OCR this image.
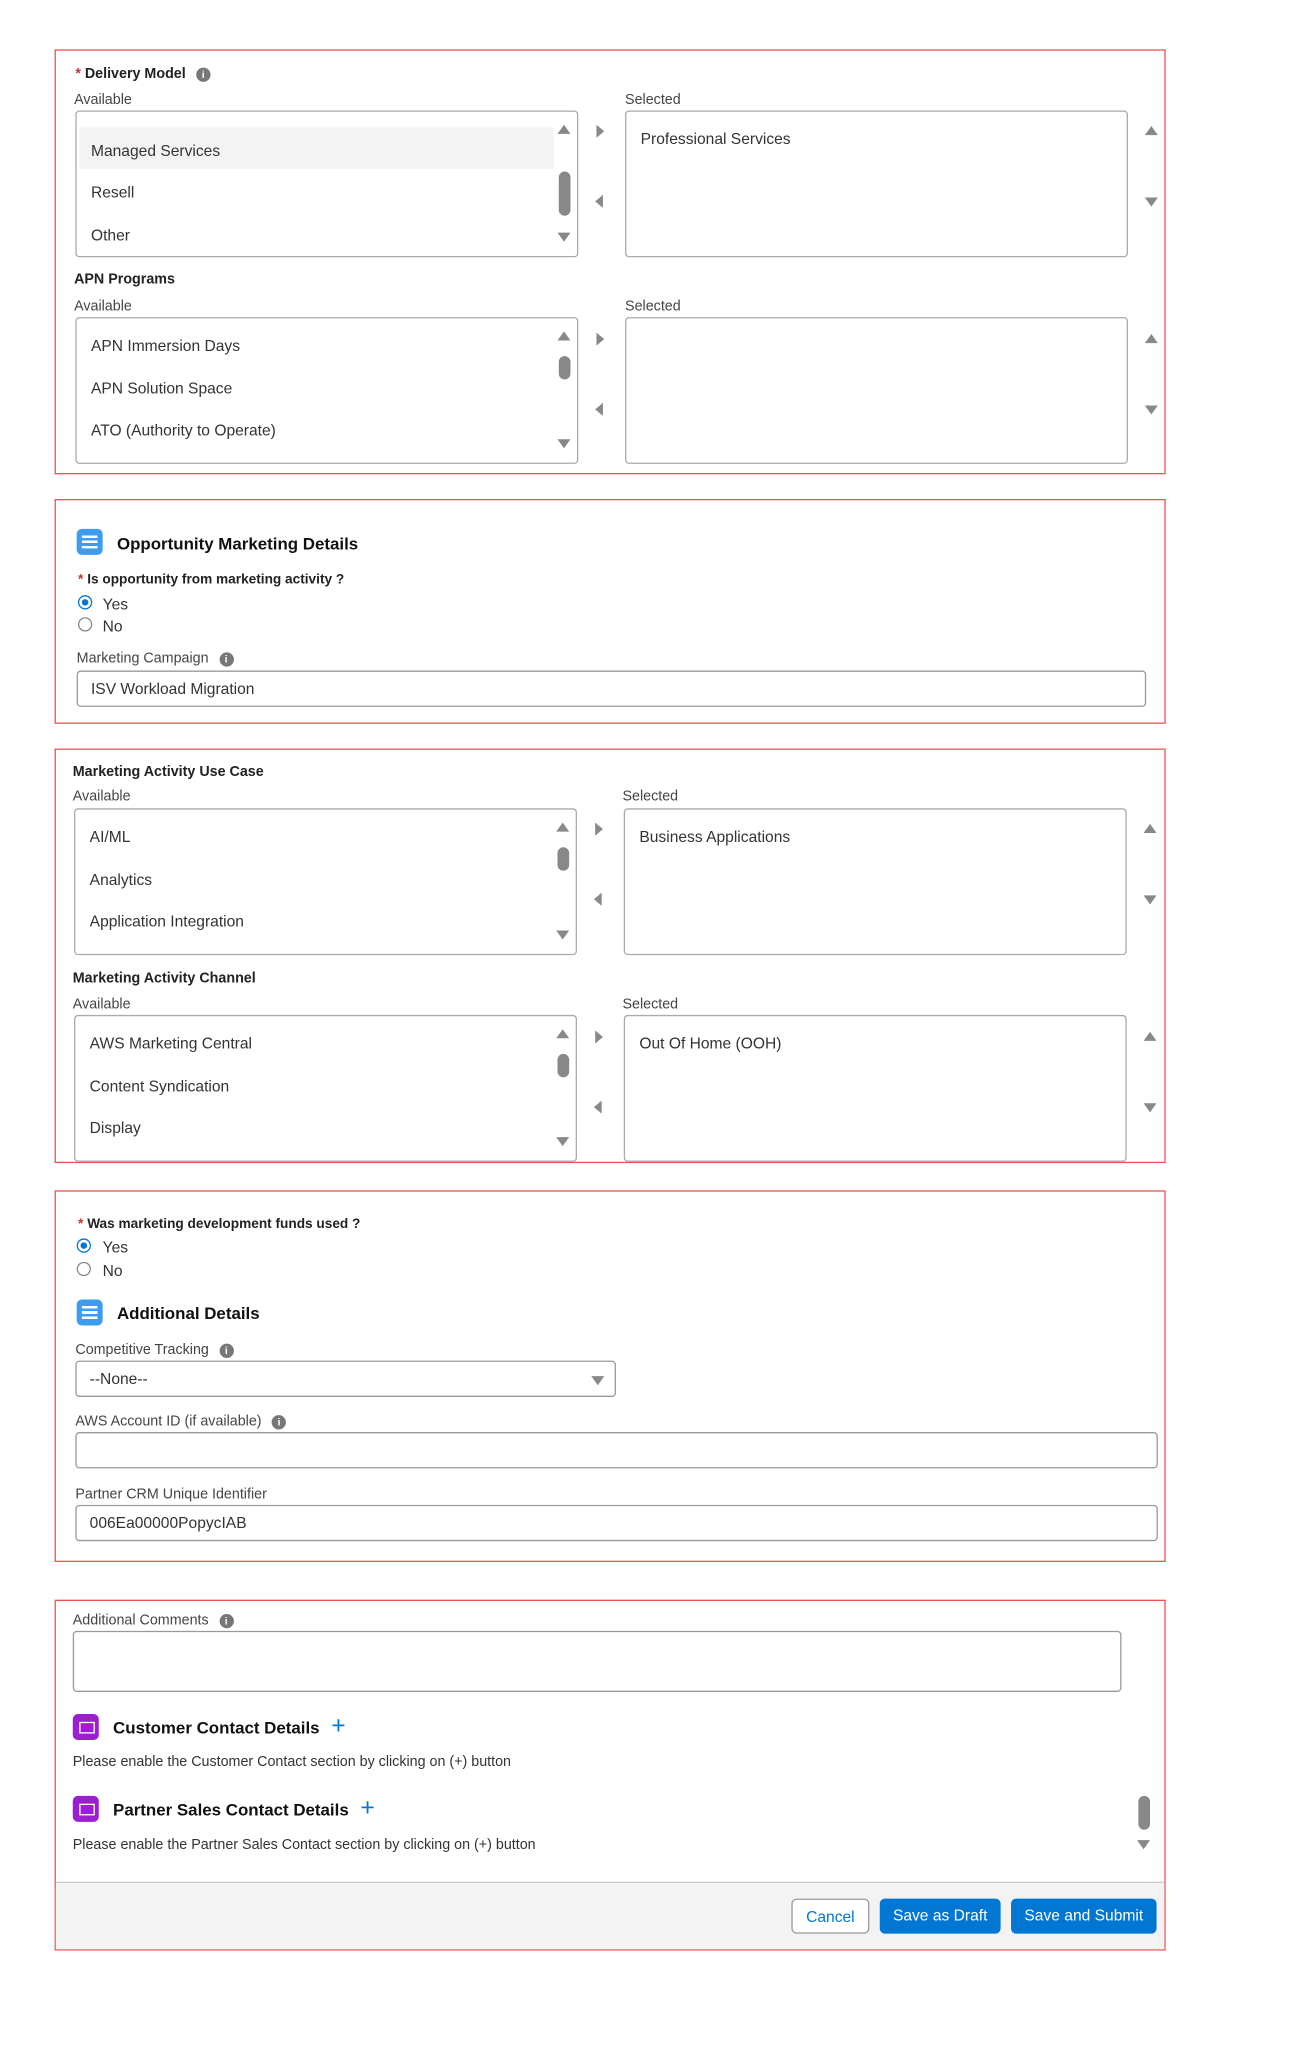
* Delivery Model i
Available	Selected
Managed Services
Resell
Other
Professional Services
APN Programs
Available	Selected
APN Immersion Days
APN Solution Space
ATO (Authority to Operate)
Opportunity Marketing Details
* Is opportunity from marketing activity ?
Yes
No
Marketing Campaign i
ISV Workload Migration
Marketing Activity Use Case
Available	Selected
AI/ML
Analytics
Application Integration
Business Applications
Marketing Activity Channel
Available	Selected
AWS Marketing Central
Content Syndication
Display
Out Of Home (OOH)
* Was marketing development funds used ?
Yes
No
Additional Details
Competitive Tracking i
--None--
AWS Account ID (if available) i
Partner CRM Unique Identifier
006Ea00000PopycIAB
Additional Comments i
Customer Contact Details +
Please enable the Customer Contact section by clicking on (+) button
Partner Sales Contact Details +
Please enable the Partner Sales Contact section by clicking on (+) button
Cancel	Save as Draft	Save and Submit
